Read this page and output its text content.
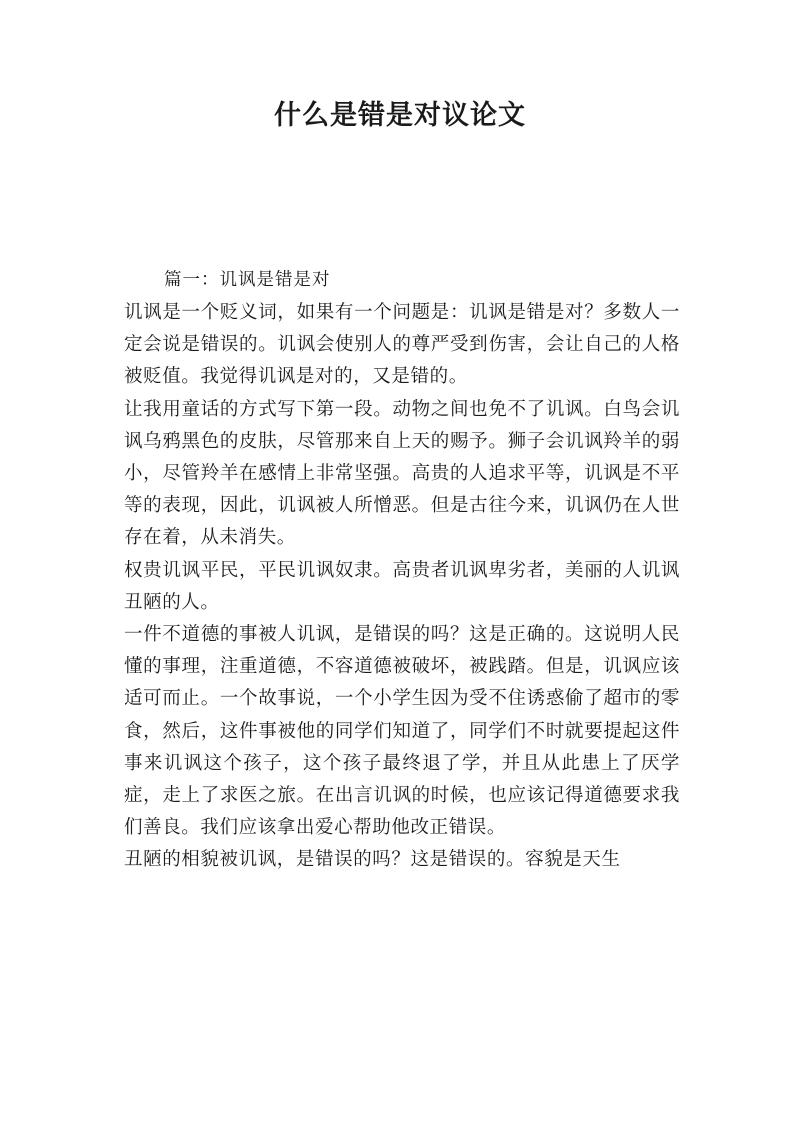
什么是错是对议论文
篇一：讥讽是错是对

讥讽是一个贬义词，如果有一个问题是：讥讽是错是对？多数人一定会说是错误的。讥讽会使别人的尊严受到伤害，会让自己的人格被贬值。我觉得讥讽是对的，又是错的。

让我用童话的方式写下第一段。动物之间也免不了讥讽。白鸟会讥讽乌鸦黑色的皮肤，尽管那来自上天的赐予。狮子会讥讽羚羊的弱小，尽管羚羊在感情上非常坚强。高贵的人追求平等，讥讽是不平等的表现，因此，讥讽被人所憎恶。但是古往今来，讥讽仍在人世存在着，从未消失。

权贵讥讽平民，平民讥讽奴隶。高贵者讥讽卑劣者，美丽的人讥讽丑陋的人。

一件不道德的事被人讥讽，是错误的吗？这是正确的。这说明人民懂的事理，注重道德，不容道德被破坏，被践踏。但是，讥讽应该适可而止。一个故事说，一个小学生因为受不住诱惑偷了超市的零食，然后，这件事被他的同学们知道了，同学们不时就要提起这件事来讥讽这个孩子，这个孩子最终退了学，并且从此患上了厌学症，走上了求医之旅。在出言讥讽的时候，也应该记得道德要求我们善良。我们应该拿出爱心帮助他改正错误。

丑陋的相貌被讥讽，是错误的吗？这是错误的。容貌是天生
